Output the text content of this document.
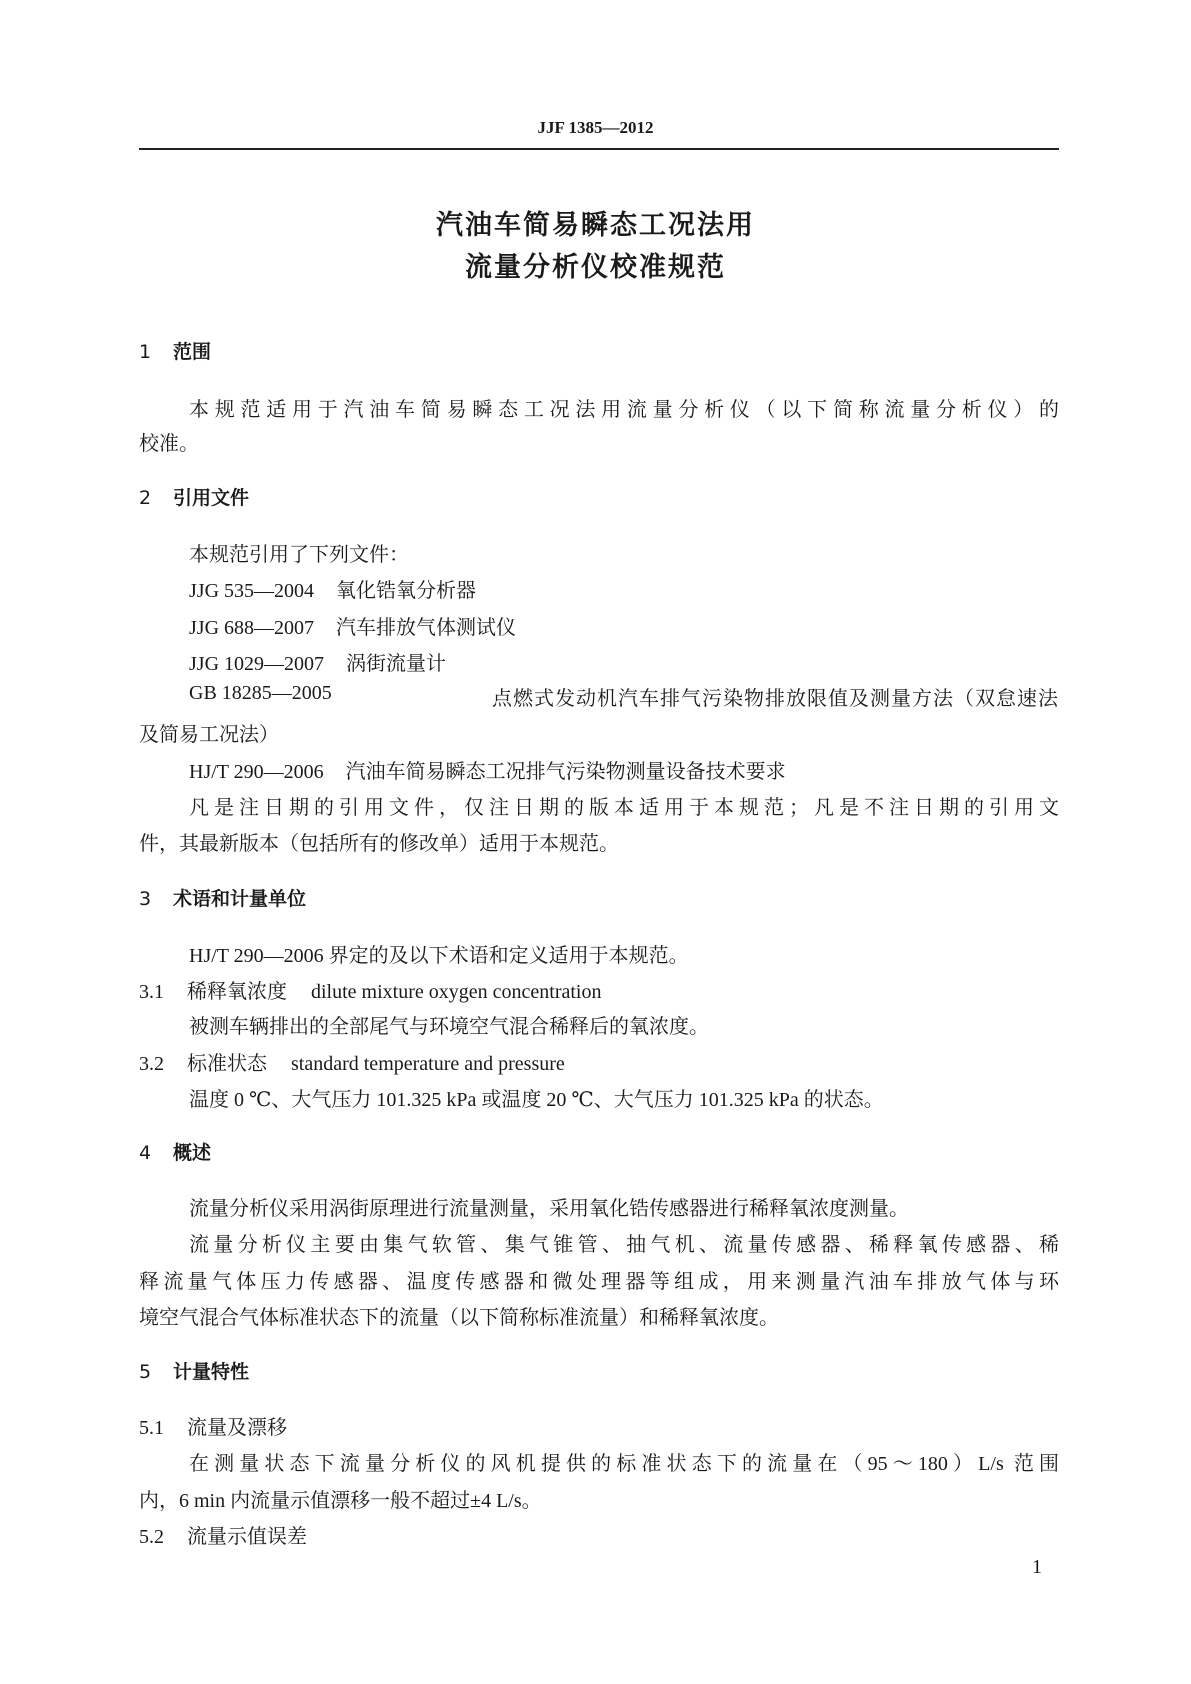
JJF 1385—2012
汽油车简易瞬态工况法用
流量分析仪校准规范
1 范围
本规范适用于汽油车简易瞬态工况法用流量分析仪（以下简称流量分析仪）的
校准。
2 引用文件
本规范引用了下列文件：
JJG 535—2004 氧化锆氧分析器
JJG 688—2007 汽车排放气体测试仪
JJG 1029—2007 涡街流量计
GB 18285—2005	点燃式发动机汽车排气污染物排放限值及测量方法（双怠速法
及简易工况法）
HJ/T 290—2006 汽油车简易瞬态工况排气污染物测量设备技术要求
凡是注日期的引用文件，仅注日期的版本适用于本规范；凡是不注日期的引用文
件，其最新版本（包括所有的修改单）适用于本规范。
3 术语和计量单位
HJ/T 290—2006 界定的及以下术语和定义适用于本规范。
3.1 稀释氧浓度 dilute mixture oxygen concentration
被测车辆排出的全部尾气与环境空气混合稀释后的氧浓度。
3.2 标准状态 standard temperature and pressure
温度 0 ℃、大气压力 101.325 kPa 或温度 20 ℃、大气压力 101.325 kPa 的状态。
4 概述
流量分析仪采用涡街原理进行流量测量，采用氧化锆传感器进行稀释氧浓度测量。
流量分析仪主要由集气软管、集气锥管、抽气机、流量传感器、稀释氧传感器、稀
释流量气体压力传感器、温度传感器和微处理器等组成，用来测量汽油车排放气体与环
境空气混合气体标准状态下的流量（以下简称标准流量）和稀释氧浓度。
5 计量特性
5.1 流量及漂移
在测量状态下流量分析仪的风机提供的标准状态下的流量在（95～180）L/s 范围
内，6 min 内流量示值漂移一般不超过±4 L/s。
5.2 流量示值误差
1
